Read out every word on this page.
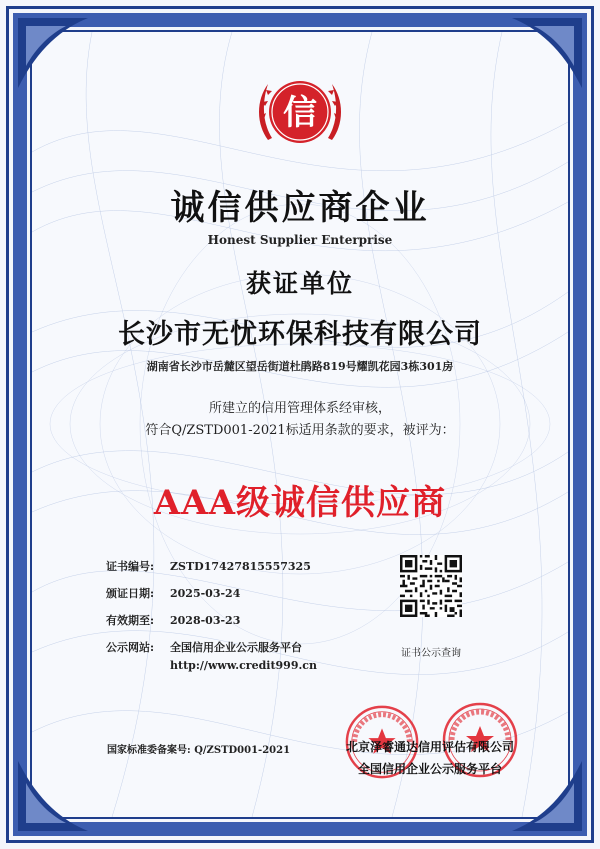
信
诚信供应商企业
Honest Supplier Enterprise
获证单位
长沙市无忧环保科技有限公司
湖南省长沙市岳麓区望岳街道杜鹃路819号耀凯花园3栋301房
所建立的信用管理体系经审核，
符合Q/ZSTD001-2021标适用条款的要求，被评为：
AAA级诚信供应商
证书编号: ZSTD17427815557325
颁证日期: 2025-03-24
有效期至: 2028-03-23
公示网站: 全国信用企业公示服务平台
http://www.credit999.cn
证书公示查询
国家标准委备案号: Q/ZSTD001-2021	北京泽睿通达信用评估有限公司
全国信用企业公示服务平台
